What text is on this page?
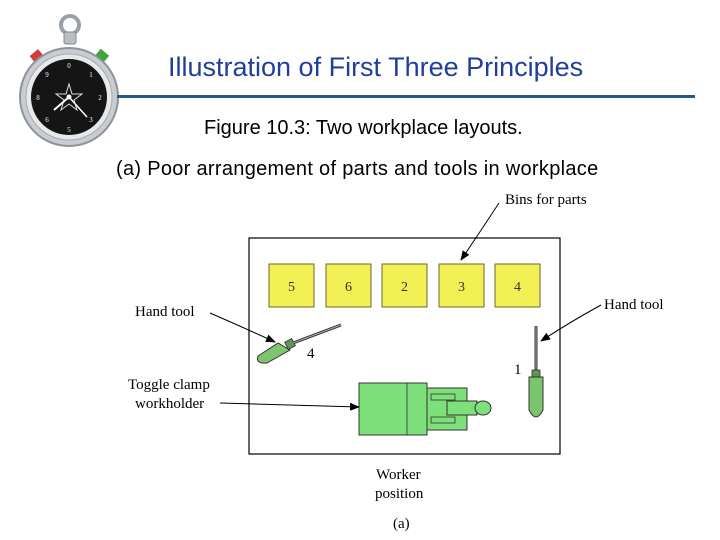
0
1
2
3
5
6
8
9	Illustration of First Three Principles
Figure 10.3: Two workplace layouts.
(a) Poor arrangement of parts and tools in workplace
5	6	2	3	4
4
1
Bins for parts
Hand tool	Hand tool
Toggle clamp
workholder
Worker
position
(a)
